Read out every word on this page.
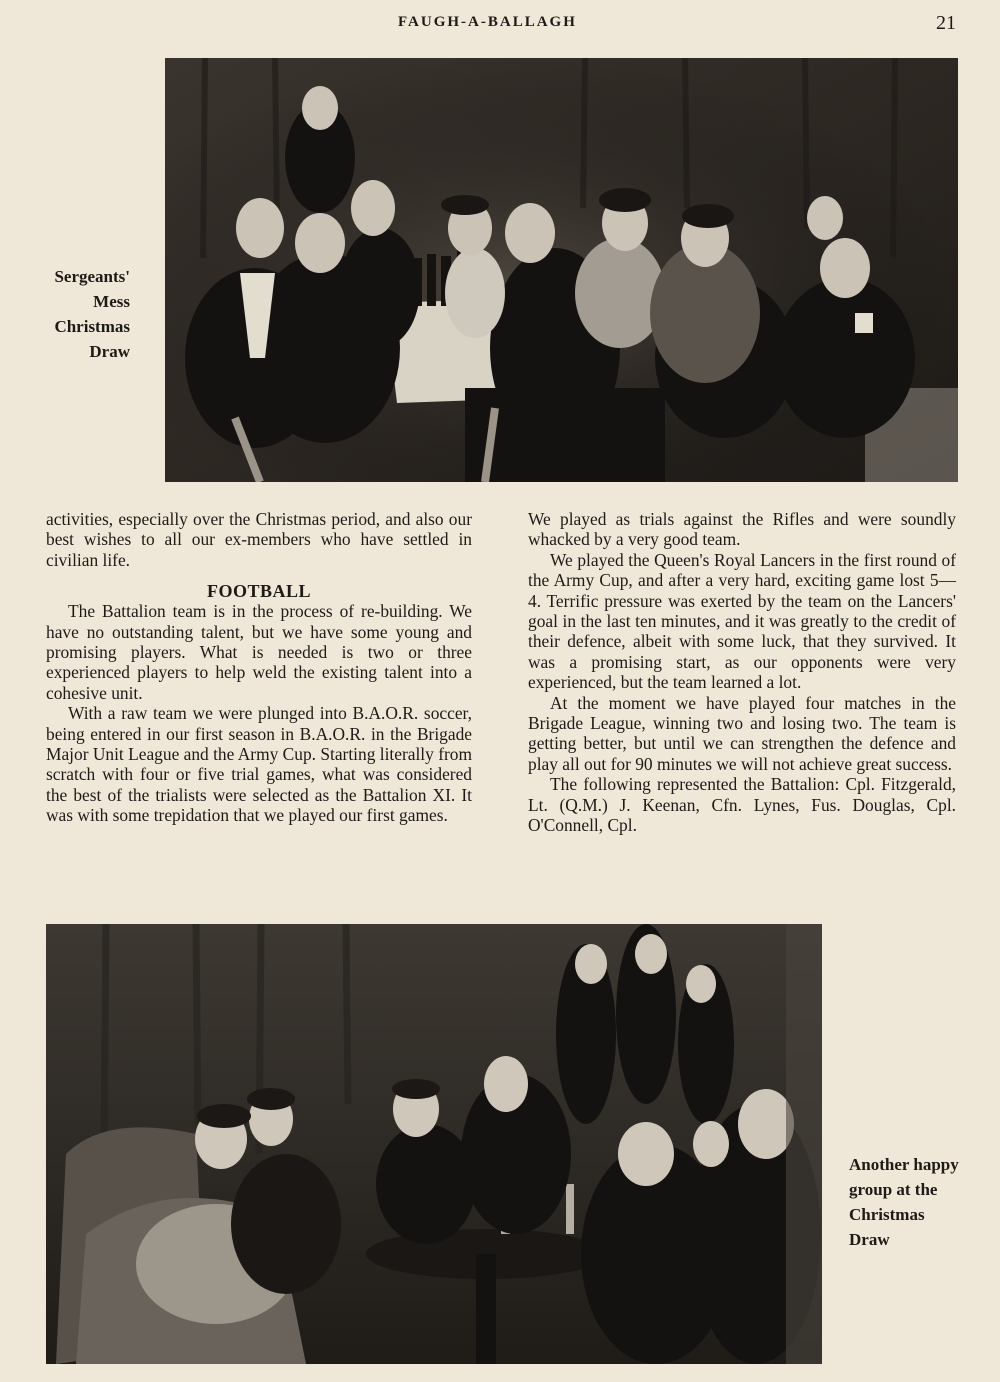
FAUGH-A-BALLAGH	21
Sergeants'
Mess
Christmas
Draw

activities, especially over the Christmas period, and also our best wishes to all our ex-members who have settled in civilian life.

FOOTBALL

The Battalion team is in the process of re-building. We have no outstanding talent, but we have some young and promising players. What is needed is two or three experienced players to help weld the existing talent into a cohesive unit.

With a raw team we were plunged into B.A.O.R. soccer, being entered in our first season in B.A.O.R. in the Brigade Major Unit League and the Army Cup. Starting literally from scratch with four or five trial games, what was considered the best of the trialists were selected as the Battalion XI. It was with some trepidation that we played our first games.

We played as trials against the Rifles and were soundly whacked by a very good team.

We played the Queen's Royal Lancers in the first round of the Army Cup, and after a very hard, exciting game lost 5—4. Terrific pressure was exerted by the team on the Lancers' goal in the last ten minutes, and it was greatly to the credit of their defence, albeit with some luck, that they survived. It was a promising start, as our opponents were very experienced, but the team learned a lot.

At the moment we have played four matches in the Brigade League, winning two and losing two. The team is getting better, but until we can strengthen the defence and play all out for 90 minutes we will not achieve great success.

The following represented the Battalion: Cpl. Fitzgerald, Lt. (Q.M.) J. Keenan, Cfn. Lynes, Fus. Douglas, Cpl. O'Connell, Cpl.

Another happy
group at the
Christmas
Draw
